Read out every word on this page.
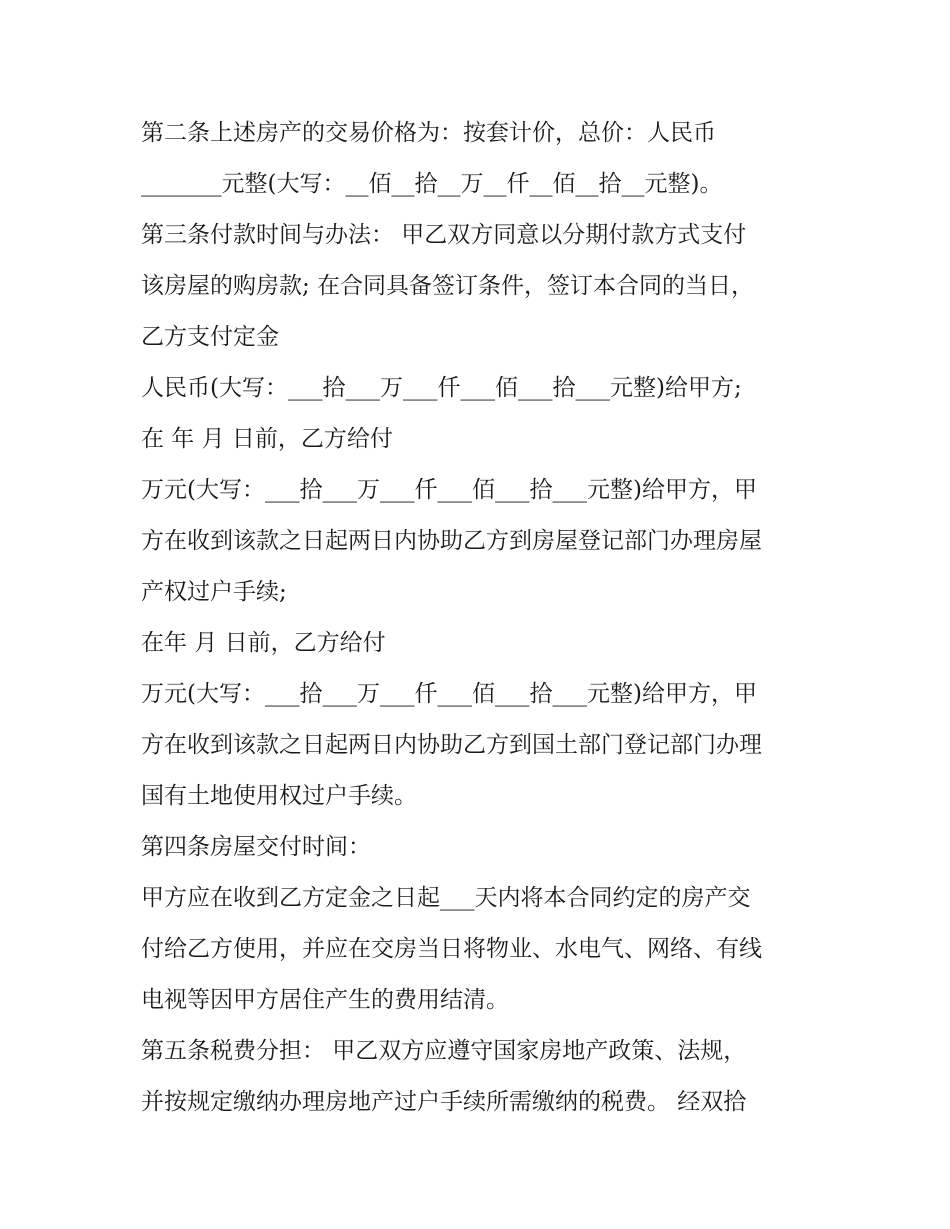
第二条上述房产的交易价格为：按套计价，总价：人民币
_______元整(大写：__佰__拾__万__仟__佰__拾__元整)。
第三条付款时间与办法： 甲乙双方同意以分期付款方式支付
该房屋的购房款; 在合同具备签订条件，签订本合同的当日，
乙方支付定金
人民币(大写：___拾___万___仟___佰___拾___元整)给甲方;
在 年 月 日前，乙方给付
万元(大写：___拾___万___仟___佰___拾___元整)给甲方，甲
方在收到该款之日起两日内协助乙方到房屋登记部门办理房屋
产权过户手续;
在年 月 日前，乙方给付
万元(大写：___拾___万___仟___佰___拾___元整)给甲方，甲
方在收到该款之日起两日内协助乙方到国土部门登记部门办理
国有土地使用权过户手续。
第四条房屋交付时间：
甲方应在收到乙方定金之日起___天内将本合同约定的房产交
付给乙方使用，并应在交房当日将物业、水电气、网络、有线
电视等因甲方居住产生的费用结清。
第五条税费分担： 甲乙双方应遵守国家房地产政策、法规，
并按规定缴纳办理房地产过户手续所需缴纳的税费。 经双拾
